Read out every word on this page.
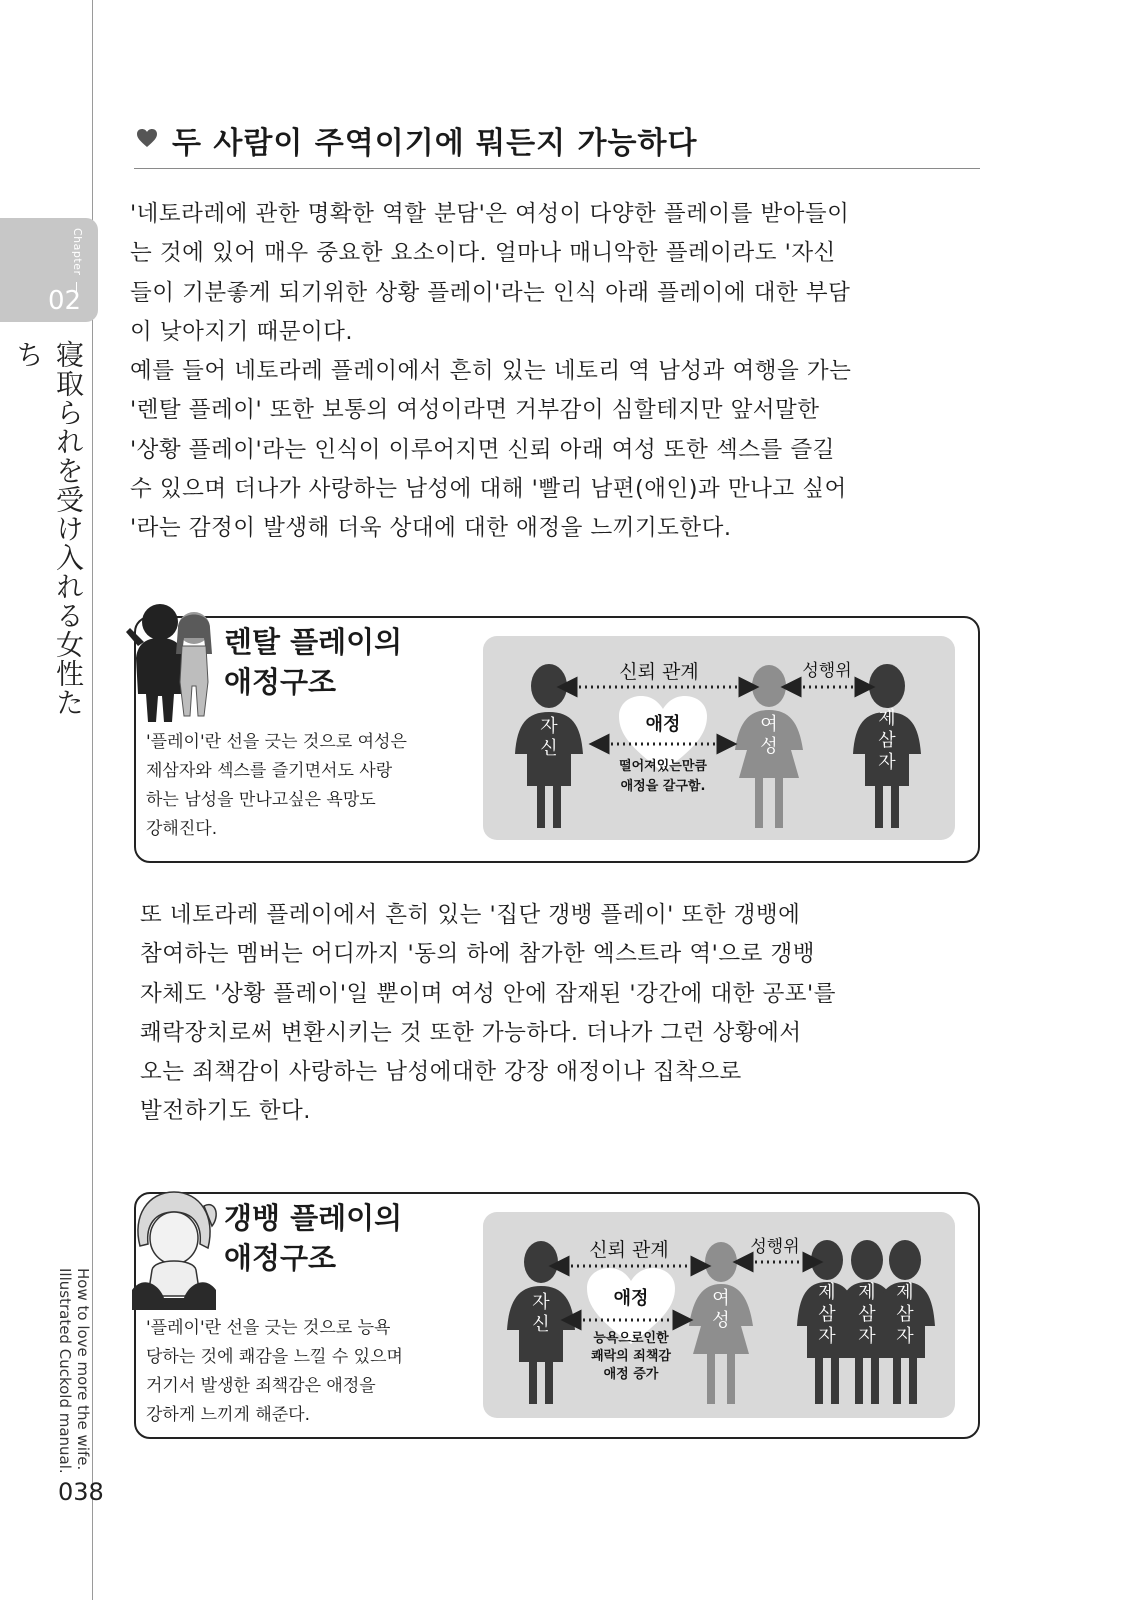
Chapter
02
寝取られを受け入れる女性たち
How to love more the wife.
Illustrated Cuckold manual.
038
두 사람이 주역이기에 뭐든지 가능하다

'네토라레에 관한 명확한 역할 분담'은 여성이 다양한 플레이를 받아들이

는 것에 있어 매우 중요한 요소이다. 얼마나 매니악한 플레이라도 '자신

들이 기분좋게 되기위한 상황 플레이'라는 인식 아래 플레이에 대한 부담

이 낮아지기 때문이다.

예를 들어 네토라레 플레이에서 흔히 있는 네토리 역 남성과 여행을 가는

'렌탈 플레이' 또한 보통의 여성이라면 거부감이 심할테지만 앞서말한

'상황 플레이'라는 인식이 이루어지면 신뢰 아래 여성 또한 섹스를 즐길

수 있으며 더나가 사랑하는 남성에 대해 '빨리 남편(애인)과 만나고 싶어

'라는 감정이 발생해 더욱 상대에 대한 애정을 느끼기도한다.

렌탈 플레이의
애정구조
'플레이'란 선을 긋는 것으로 여성은
제삼자와 섹스를 즐기면서도 사랑
하는 남성을 만나고싶은 욕망도
강해진다.
신뢰 관계	성행위
애정
자
신
여
성
제
삼
자
떨어져있는만큼
애정을 갈구함.

또 네토라레 플레이에서 흔히 있는 '집단 갱뱅 플레이' 또한 갱뱅에

참여하는 멤버는 어디까지 '동의 하에 참가한 엑스트라 역'으로 갱뱅

자체도 '상황 플레이'일 뿐이며 여성 안에 잠재된 '강간에 대한 공포'를

쾌락장치로써 변환시키는 것 또한 가능하다. 더나가 그런 상황에서

오는 죄책감이 사랑하는 남성에대한 강장 애정이나 집착으로

발전하기도 한다.

갱뱅 플레이의
애정구조
'플레이'란 선을 긋는 것으로 능욕
당하는 것에 쾌감을 느낄 수 있으며
거기서 발생한 죄책감은 애정을
강하게 느끼게 해준다.
신뢰 관계	성행위
애정
자
신
여
성
제
삼
자
제
삼
자
제
삼
자
능욕으로인한
쾌락의 죄책감
애정 증가
